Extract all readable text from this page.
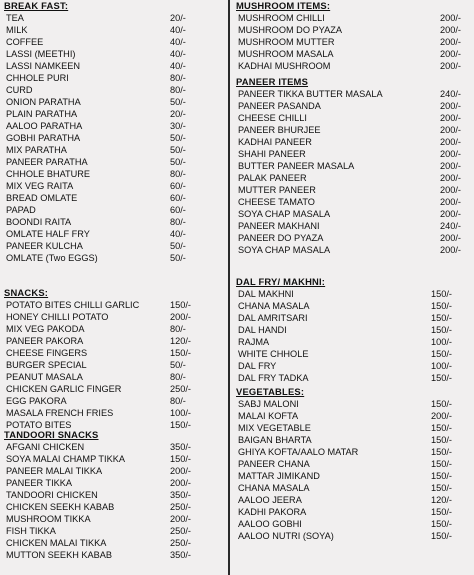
BREAK FAST:
TEA	20/-
MILK	40/-
COFFEE	40/-
LASSI (MEETHI)	40/-
LASSI NAMKEEN	40/-
CHHOLE PURI	80/-
CURD	80/-
ONION PARATHA	50/-
PLAIN PARATHA	20/-
AALOO PARATHA	30/-
GOBHI PARATHA	50/-
MIX PARATHA	50/-
PANEER PARATHA	50/-
CHHOLE BHATURE	80/-
MIX VEG RAITA	60/-
BREAD OMLATE	60/-
PAPAD	60/-
BOONDI RAITA	80/-
OMLATE HALF FRY	40/-
PANEER KULCHA	50/-
OMLATE (Two EGGS)	50/-
SNACKS:
POTATO BITES CHILLI GARLIC	150/-
HONEY CHILLI POTATO	200/-
MIX VEG PAKODA	80/-
PANEER PAKORA	120/-
CHEESE FINGERS	150/-
BURGER SPECIAL	50/-
PEANUT MASALA	80/-
CHICKEN GARLIC FINGER	250/-
EGG PAKORA	80/-
MASALA FRENCH FRIES	100/-
POTATO BITES	150/-
TANDOORI SNACKS
AFGANI CHICKEN	350/-
SOYA MALAI CHAMP TIKKA	150/-
PANEER MALAI TIKKA	200/-
PANEER TIKKA	200/-
TANDOORI CHICKEN	350/-
CHICKEN SEEKH KABAB	250/-
MUSHROOM TIKKA	200/-
FISH TIKKA	250/-
CHICKEN MALAI TIKKA	250/-
MUTTON SEEKH KABAB	350/-
MUSHROOM ITEMS:
MUSHROOM CHILLI	200/-
MUSHROOM DO PYAZA	200/-
MUSHROOM MUTTER	200/-
MUSHROOM MASALA	200/-
KADHAI MUSHROOM	200/-
PANEER ITEMS
PANEER TIKKA BUTTER MASALA	240/-
PANEER PASANDA	200/-
CHEESE CHILLI	200/-
PANEER BHURJEE	200/-
KADHAI PANEER	200/-
SHAHI PANEER	200/-
BUTTER PANEER MASALA	200/-
PALAK PANEER	200/-
MUTTER PANEER	200/-
CHEESE TAMATO	200/-
SOYA CHAP MASALA	200/-
PANEER MAKHANI	240/-
PANEER DO PYAZA	200/-
SOYA CHAP MASALA	200/-
DAL FRY/ MAKHNI:
DAL MAKHNI	150/-
CHANA MASALA	150/-
DAL AMRITSARI	150/-
DAL HANDI	150/-
RAJMA	100/-
WHITE CHHOLE	150/-
DAL FRY	100/-
DAL FRY TADKA	150/-
VEGETABLES:
SABJ MALONI	150/-
MALAI KOFTA	200/-
MIX VEGETABLE	150/-
BAIGAN BHARTA	150/-
GHIYA KOFTA/AALO MATAR	150/-
PANEER CHANA	150/-
MATTAR JIMIKAND	150/-
CHANA MASALA	150/-
AALOO JEERA	120/-
KADHI PAKORA	150/-
AALOO GOBHI	150/-
AALOO NUTRI (SOYA)	150/-
